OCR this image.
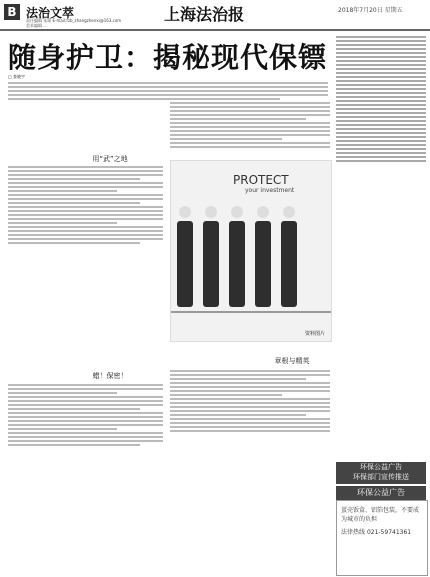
B 法治文萃
责任编辑 张琛 E-mail:fzb_zhangzhenxi@163.com
美术编辑 ...
上海法治报	2018年7月20日 星期五
随身护卫：揭秘现代保镖
□ 查晓宇
用“武”之地
蜡！保密！
PROTECT
your investment
资料图片
章根与精英
环保公益广告
环保部门宣传推送
环保公益广告
蛋壳饭盒、铝箔包装，不要成为城市的负担
法律热线 021-59741361
